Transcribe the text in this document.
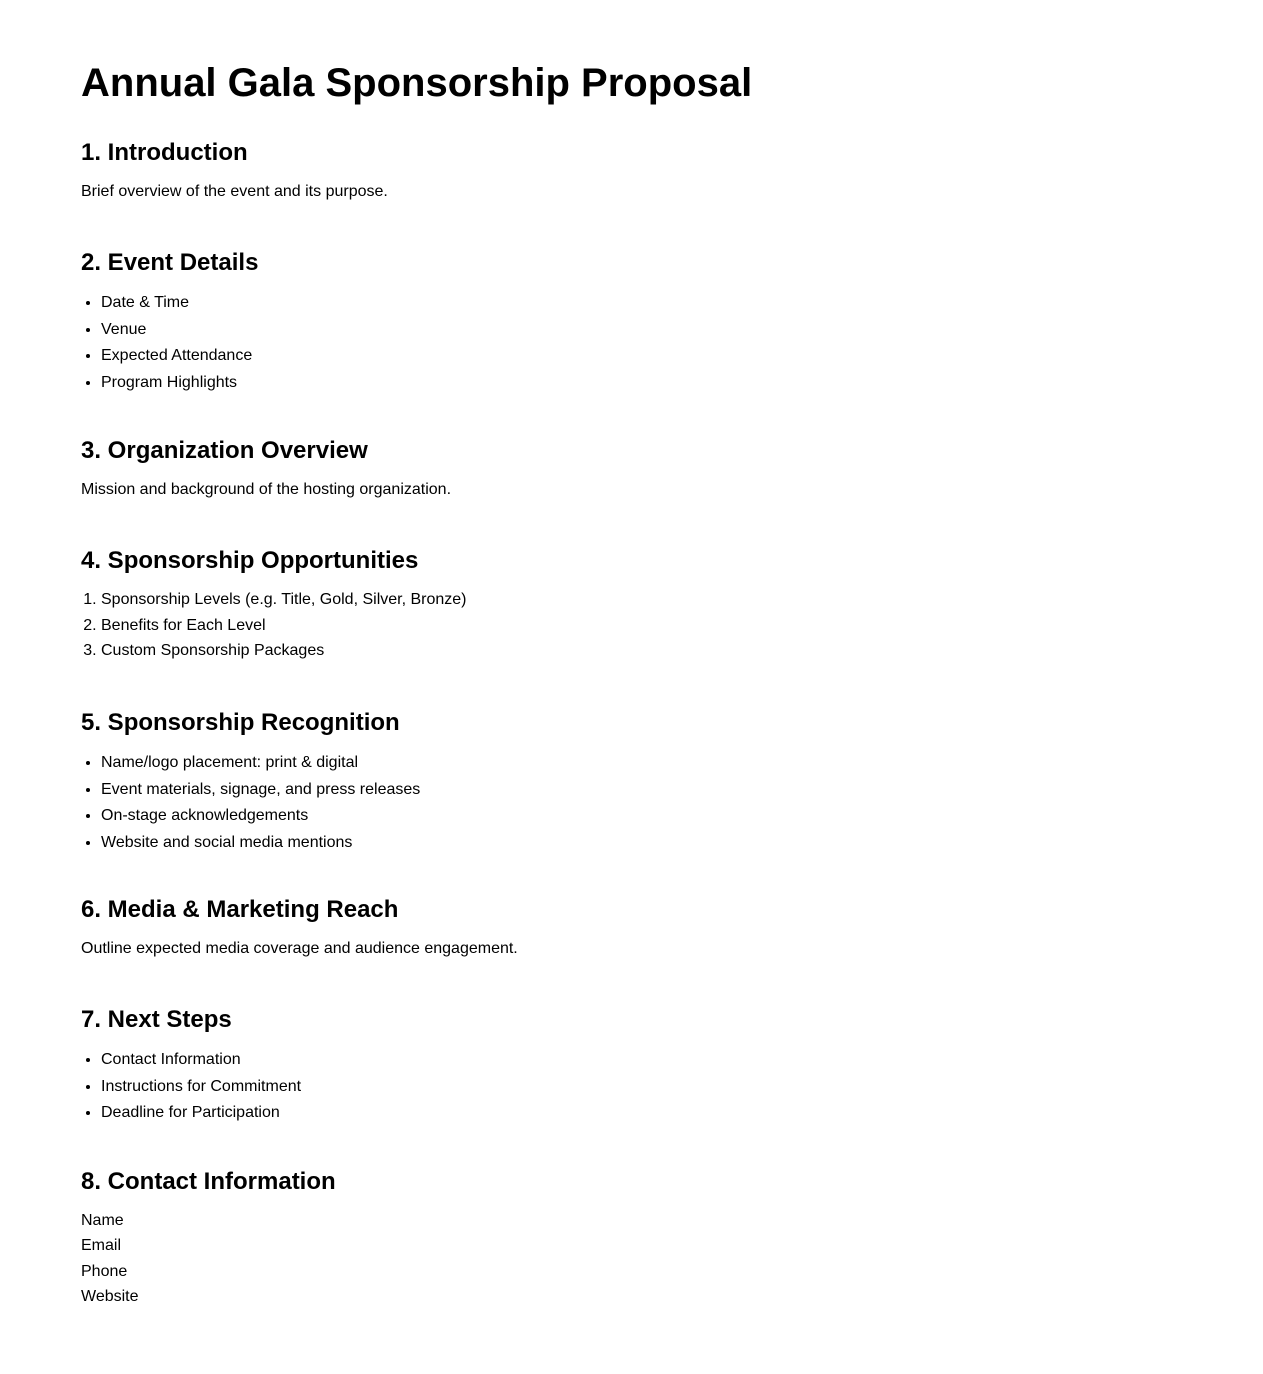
Annual Gala Sponsorship Proposal
1. Introduction

Brief overview of the event and its purpose.

2. Event Details
• Date & Time
• Venue
• Expected Attendance
• Program Highlights
3. Organization Overview

Mission and background of the hosting organization.

4. Sponsorship Opportunities
1. Sponsorship Levels (e.g. Title, Gold, Silver, Bronze)
2. Benefits for Each Level
3. Custom Sponsorship Packages
5. Sponsorship Recognition
• Name/logo placement: print & digital
• Event materials, signage, and press releases
• On-stage acknowledgements
• Website and social media mentions
6. Media & Marketing Reach

Outline expected media coverage and audience engagement.

7. Next Steps
• Contact Information
• Instructions for Commitment
• Deadline for Participation
8. Contact Information
Name
Email
Phone
Website
